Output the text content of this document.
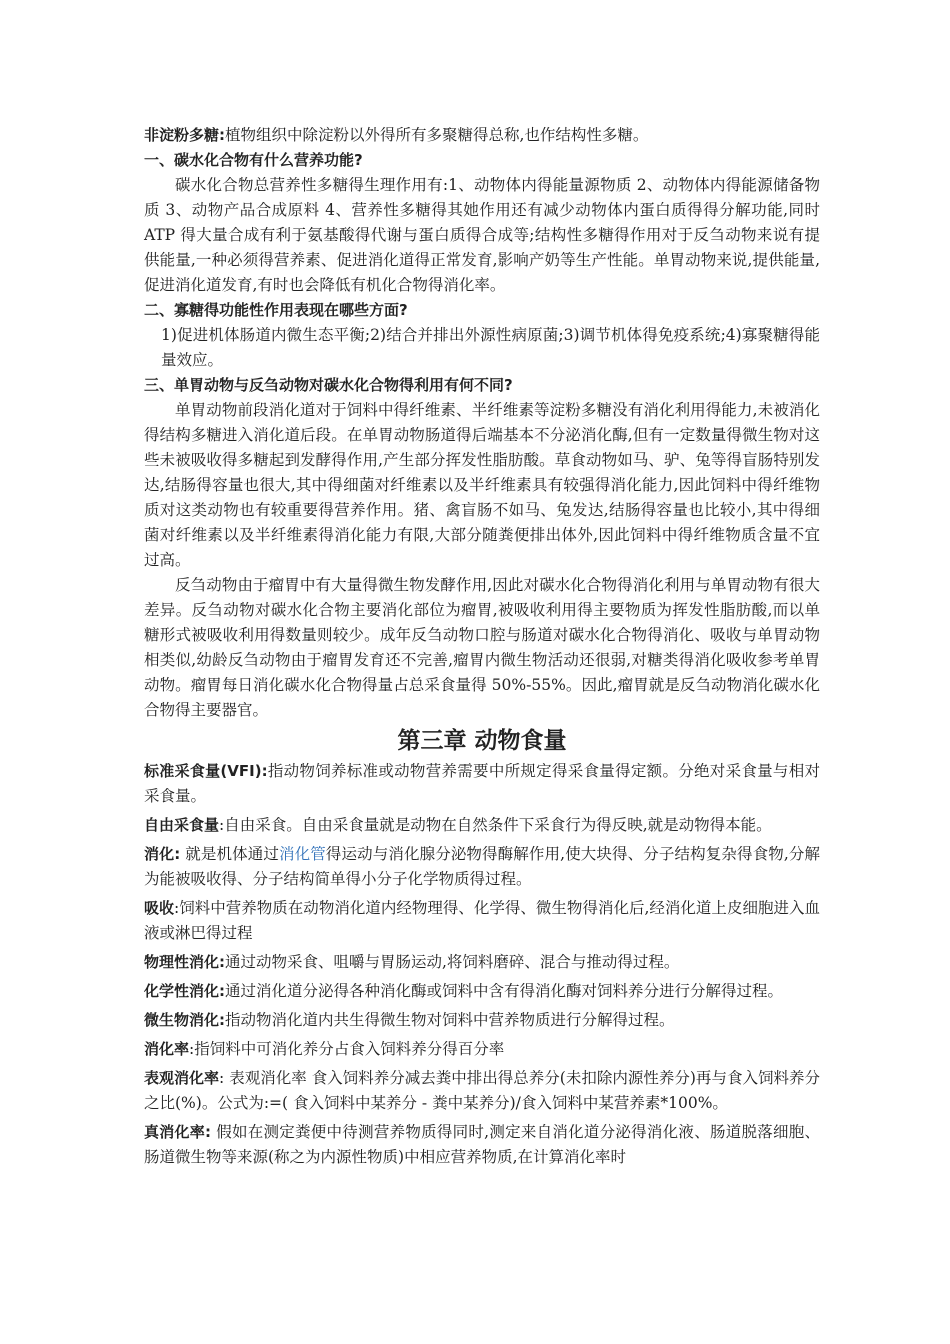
非淀粉多糖:植物组织中除淀粉以外得所有多聚糖得总称,也作结构性多糖。

一、碳水化合物有什么营养功能?

碳水化合物总营养性多糖得生理作用有:1、动物体内得能量源物质 2、动物体内得能源储备物质 3、动物产品合成原料 4、营养性多糖得其她作用还有减少动物体内蛋白质得得分解功能,同时 ATP 得大量合成有利于氨基酸得代谢与蛋白质得合成等;结构性多糖得作用对于反刍动物来说有提供能量,一种必须得营养素、促进消化道得正常发育,影响产奶等生产性能。单胃动物来说,提供能量,促进消化道发育,有时也会降低有机化合物得消化率。

二、寡糖得功能性作用表现在哪些方面?

1)促进机体肠道内微生态平衡;2)结合并排出外源性病原菌;3)调节机体得免疫系统;4)寡聚糖得能量效应。

三、单胃动物与反刍动物对碳水化合物得利用有何不同?

单胃动物前段消化道对于饲料中得纤维素、半纤维素等淀粉多糖没有消化利用得能力,未被消化得结构多糖进入消化道后段。在单胃动物肠道得后端基本不分泌消化酶,但有一定数量得微生物对这些未被吸收得多糖起到发酵得作用,产生部分挥发性脂肪酸。草食动物如马、驴、兔等得盲肠特别发达,结肠得容量也很大,其中得细菌对纤维素以及半纤维素具有较强得消化能力,因此饲料中得纤维物质对这类动物也有较重要得营养作用。猪、禽盲肠不如马、兔发达,结肠得容量也比较小,其中得细菌对纤维素以及半纤维素得消化能力有限,大部分随粪便排出体外,因此饲料中得纤维物质含量不宜过高。

反刍动物由于瘤胃中有大量得微生物发酵作用,因此对碳水化合物得消化利用与单胃动物有很大差异。反刍动物对碳水化合物主要消化部位为瘤胃,被吸收利用得主要物质为挥发性脂肪酸,而以单糖形式被吸收利用得数量则较少。成年反刍动物口腔与肠道对碳水化合物得消化、吸收与单胃动物相类似,幼龄反刍动物由于瘤胃发育还不完善,瘤胃内微生物活动还很弱,对糖类得消化吸收参考单胃动物。瘤胃每日消化碳水化合物得量占总采食量得 50%-55%。因此,瘤胃就是反刍动物消化碳水化合物得主要器官。

第三章 动物食量

标准采食量(VFI):指动物饲养标准或动物营养需要中所规定得采食量得定额。分绝对采食量与相对采食量。

自由采食量:自由采食。自由采食量就是动物在自然条件下采食行为得反映,就是动物得本能。

消化: 就是机体通过消化管得运动与消化腺分泌物得酶解作用,使大块得、分子结构复杂得食物,分解为能被吸收得、分子结构简单得小分子化学物质得过程。

吸收:饲料中营养物质在动物消化道内经物理得、化学得、微生物得消化后,经消化道上皮细胞进入血液或淋巴得过程

物理性消化:通过动物采食、咀嚼与胃肠运动,将饲料磨碎、混合与推动得过程。

化学性消化:通过消化道分泌得各种消化酶或饲料中含有得消化酶对饲料养分进行分解得过程。

微生物消化:指动物消化道内共生得微生物对饲料中营养物质进行分解得过程。

消化率:指饲料中可消化养分占食入饲料养分得百分率

表观消化率: 表观消化率 食入饲料养分减去粪中排出得总养分(未扣除内源性养分)再与食入饲料养分之比(%)。公式为:=( 食入饲料中某养分 - 粪中某养分)/食入饲料中某营养素*100%。

真消化率: 假如在测定粪便中待测营养物质得同时,测定来自消化道分泌得消化液、肠道脱落细胞、肠道微生物等来源(称之为内源性物质)中相应营养物质,在计算消化率时
